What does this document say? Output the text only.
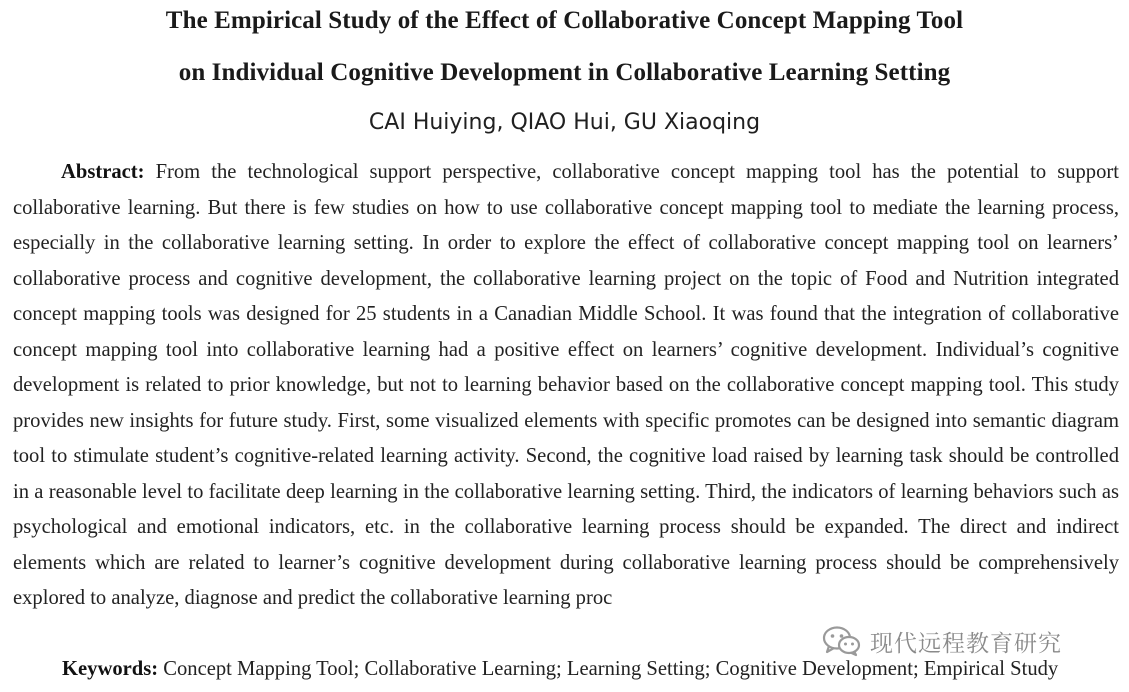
The Empirical Study of the Effect of Collaborative Concept Mapping Tool
on Individual Cognitive Development in Collaborative Learning Setting
CAI Huiying, QIAO Hui, GU Xiaoqing

Abstract: From the technological support perspective, collaborative concept mapping tool has the potential to support collaborative learning. But there is few studies on how to use collaborative concept mapping tool to mediate the learning process, especially in the collaborative learning setting. In order to explore the effect of collaborative concept mapping tool on learners’ collaborative process and cognitive development, the collaborative learning project on the topic of Food and Nutrition integrated concept mapping tools was designed for 25 students in a Canadian Middle School. It was found that the integration of collaborative concept mapping tool into collaborative learning had a positive effect on learners’ cognitive development. Individual’s cognitive development is related to prior knowledge, but not to learning behavior based on the collaborative concept mapping tool. This study provides new insights for future study. First, some visualized elements with specific promotes can be designed into semantic diagram tool to stimulate student’s cognitive-related learning activity. Second, the cognitive load raised by learning task should be controlled in a reasonable level to facilitate deep learning in the collaborative learning setting. Third, the indicators of learning behaviors such as psychological and emotional indicators, etc. in the collaborative learning process should be expanded. The direct and indirect elements which are related to learner’s cognitive development during collaborative learning process should be comprehensively explored to analyze, diagnose and predict the collaborative learning proc

Keywords: Concept Mapping Tool; Collaborative Learning; Learning Setting; Cognitive Development; Empirical Study

现代远程教育研究
